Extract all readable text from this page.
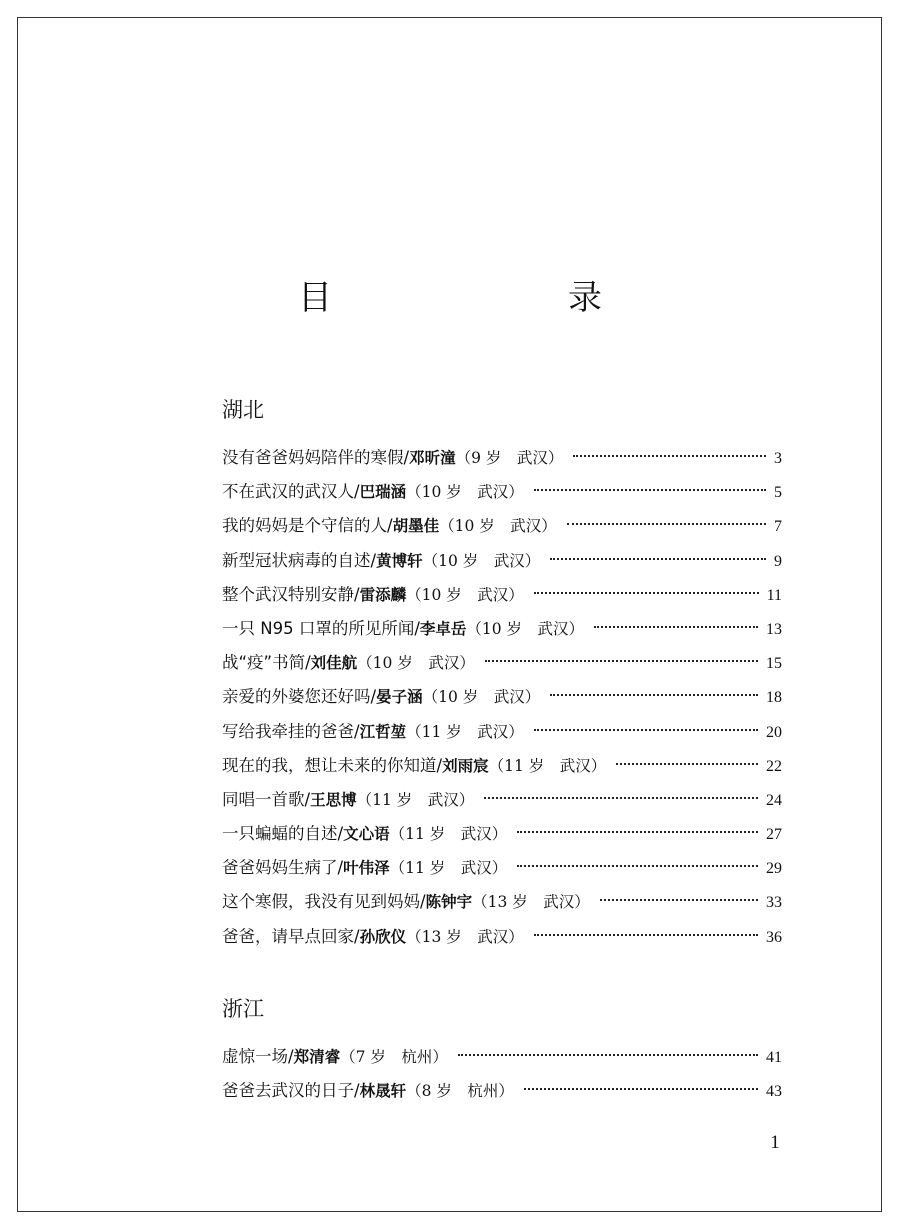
目　　录
湖北
没有爸爸妈妈陪伴的寒假/ 邓昕潼 （9 岁　武汉）	3
不在武汉的武汉人/ 巴瑞涵 （10 岁　武汉）	5
我的妈妈是个守信的人/ 胡墨佳 （10 岁　武汉）	7
新型冠状病毒的自述/ 黄博轩 （10 岁　武汉）	9
整个武汉特别安静/ 雷添麟 （10 岁　武汉）	11
一只 N95 口罩的所见所闻/ 李卓岳 （10 岁　武汉）	13
战“疫”书简/ 刘佳航 （10 岁　武汉）	15
亲爱的外婆您还好吗/ 晏子涵 （10 岁　武汉）	18
写给我牵挂的爸爸/ 江哲堃 （11 岁　武汉）	20
现在的我，想让未来的你知道/ 刘雨宸 （11 岁　武汉）	22
同唱一首歌/ 王思博 （11 岁　武汉）	24
一只蝙蝠的自述/ 文心语 （11 岁　武汉）	27
爸爸妈妈生病了/ 叶伟泽 （11 岁　武汉）	29
这个寒假，我没有见到妈妈/ 陈钟宇 （13 岁　武汉）	33
爸爸，请早点回家/ 孙欣仪 （13 岁　武汉）	36
浙江
虚惊一场/ 郑清睿 （7 岁　杭州）	41
爸爸去武汉的日子/ 林晟轩 （8 岁　杭州）	43
1
